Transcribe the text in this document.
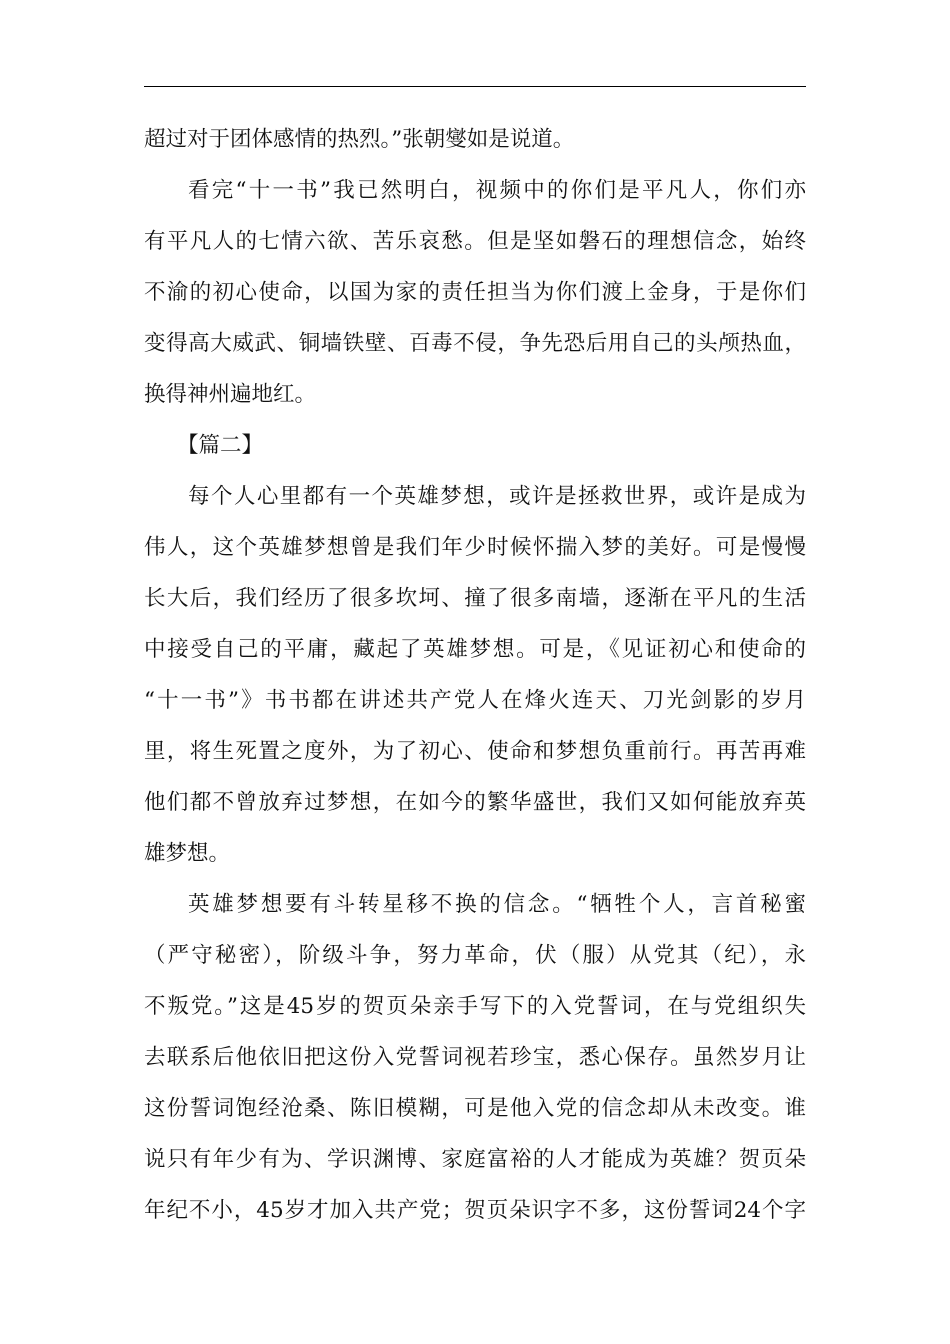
超过对于团体感情的热烈。”张朝燮如是说道。
看完“十一书”我已然明白，视频中的你们是平凡人，你们亦
有平凡人的七情六欲、苦乐哀愁。但是坚如磐石的理想信念，始终
不渝的初心使命，以国为家的责任担当为你们渡上金身，于是你们
变得高大威武、铜墙铁壁、百毒不侵，争先恐后用自己的头颅热血，
换得神州遍地红。
【篇二】
每个人心里都有一个英雄梦想，或许是拯救世界，或许是成为
伟人，这个英雄梦想曾是我们年少时候怀揣入梦的美好。可是慢慢
长大后，我们经历了很多坎坷、撞了很多南墙，逐渐在平凡的生活
中接受自己的平庸，藏起了英雄梦想。可是，《见证初心和使命的
“十一书”》书书都在讲述共产党人在烽火连天、刀光剑影的岁月
里，将生死置之度外，为了初心、使命和梦想负重前行。再苦再难
他们都不曾放弃过梦想，在如今的繁华盛世，我们又如何能放弃英
雄梦想。
英雄梦想要有斗转星移不换的信念。“牺牲个人，言首秘蜜
（严守秘密），阶级斗争，努力革命，伏（服）从党其（纪），永
不叛党。”这是45岁的贺页朵亲手写下的入党誓词，在与党组织失
去联系后他依旧把这份入党誓词视若珍宝，悉心保存。虽然岁月让
这份誓词饱经沧桑、陈旧模糊，可是他入党的信念却从未改变。谁
说只有年少有为、学识渊博、家庭富裕的人才能成为英雄？贺页朵
年纪不小，45岁才加入共产党；贺页朵识字不多，这份誓词24个字
